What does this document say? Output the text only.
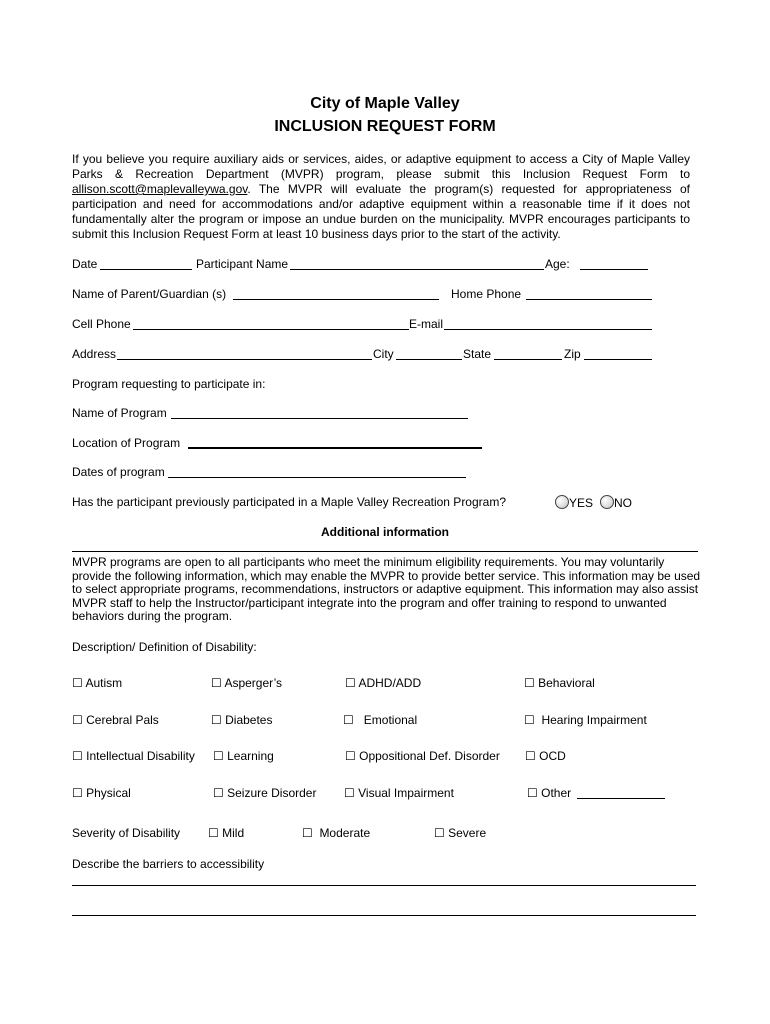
City of Maple Valley
INCLUSION REQUEST FORM

If you believe you require auxiliary aids or services, aides, or adaptive equipment to access a City of Maple Valley Parks & Recreation Department (MVPR) program, please submit this Inclusion Request Form to allison.scott@maplevalleywa.gov. The MVPR will evaluate the program(s) requested for appropriateness of participation and need for accommodations and/or adaptive equipment within a reasonable time if it does not fundamentally alter the program or impose an undue burden on the municipality. MVPR encourages participants to submit this Inclusion Request Form at least 10 business days prior to the start of the activity.

Date	Participant Name	Age:
Name of Parent/Guardian (s)	Home Phone
Cell Phone	E-mail
Address	City	State	Zip
Program requesting to participate in:
Name of Program
Location of Program
Dates of program
Has the participant previously participated in a Maple Valley Recreation Program?	YES	NO
Additional information
MVPR programs are open to all participants who meet the minimum eligibility requirements. You may voluntarily provide the following information, which may enable the MVPR to provide better service. This information may be used to select appropriate programs, recommendations, instructors or adaptive equipment. This information may also assist MVPR staff to help the Instructor/participant integrate into the program and offer training to respond to unwanted behaviors during the program.
Description/ Definition of Disability:
☐ Autism	☐ Asperger’s	☐ ADHD/ADD	☐ Behavioral
☐ Cerebral Pals	☐ Diabetes	☐ Emotional	☐ Hearing Impairment
☐ Intellectual Disability ☐ Learning	☐ Oppositional Def. Disorder ☐ OCD
☐ Physical	☐ Seizure Disorder ☐ Visual Impairment	☐ Other
Severity of Disability ☐ Mild	☐ Moderate	☐ Severe
Describe the barriers to accessibility
